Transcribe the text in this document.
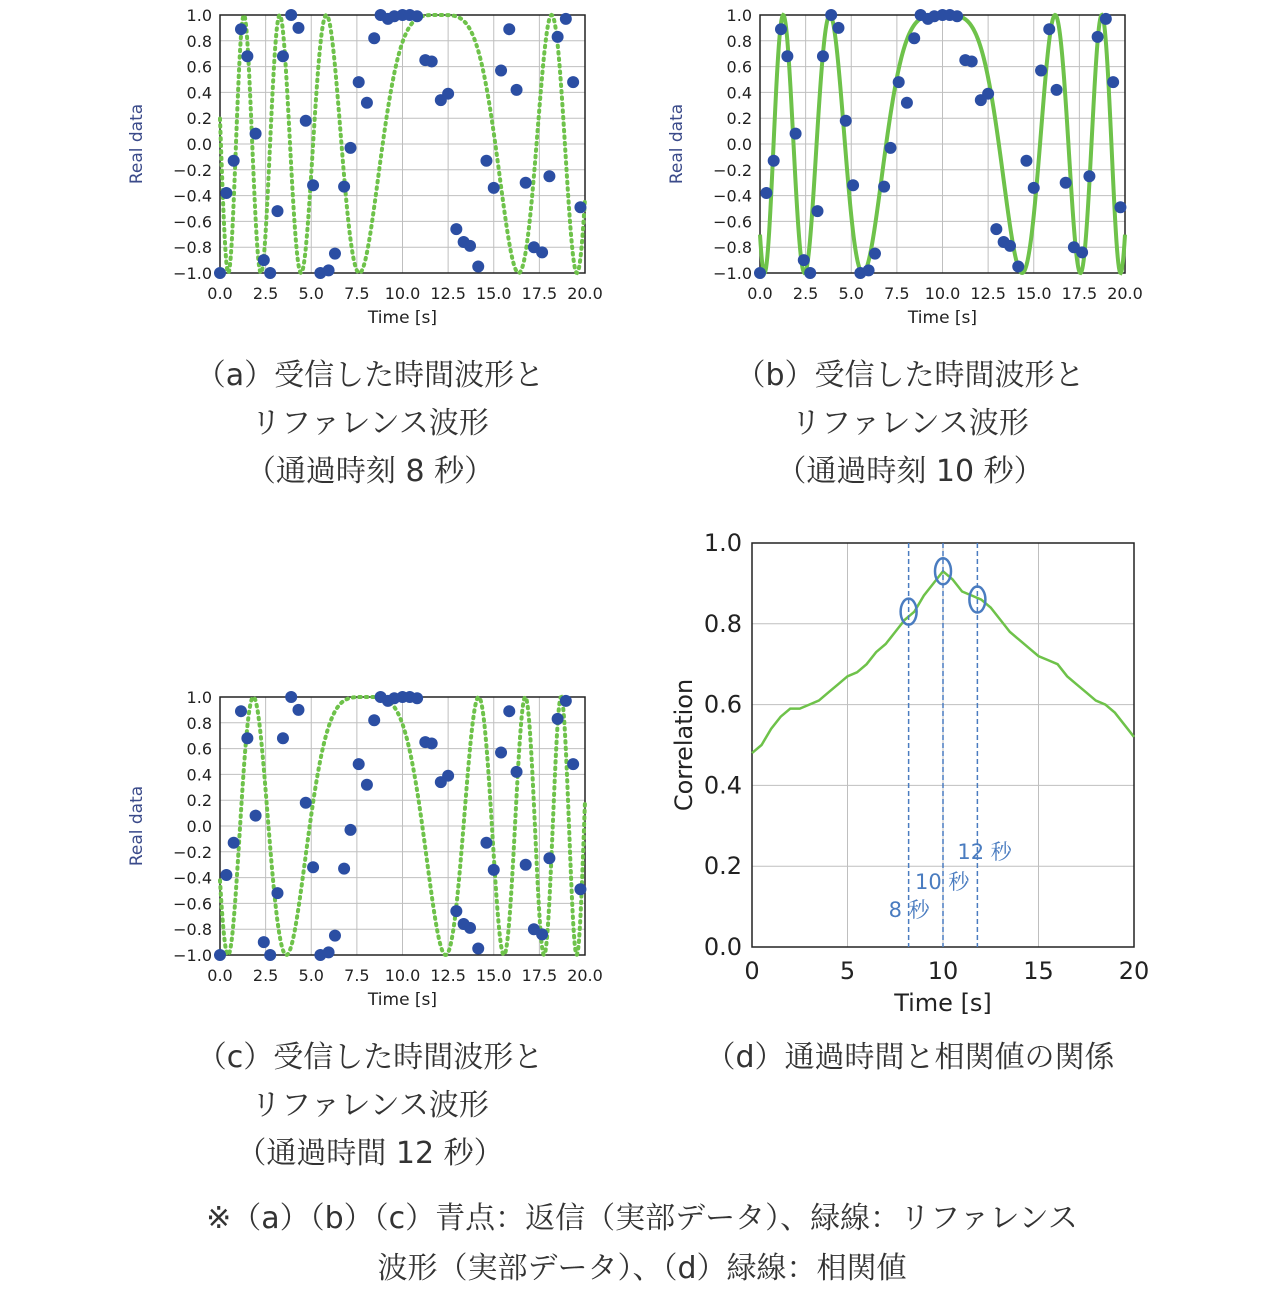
0.0 2.5 5.0 7.5 10.0 12.5 15.0 17.5 20.0
1.0
0.8
0.6
0.4
0.2
0.0
−0.2
−0.4
−0.6
−0.8
−1.0
Time [s]
Real data
0.0 2.5 5.0 7.5 10.0 12.5 15.0 17.5 20.0
1.0
0.8
0.6
0.4
0.2
0.0
−0.2
−0.4
−0.6
−0.8
−1.0
Time [s]
Real data
0.0 2.5 5.0 7.5 10.0 12.5 15.0 17.5 20.0
1.0
0.8
0.6
0.4
0.2
0.0
−0.2
−0.4
−0.6
−0.8
−1.0
Time [s]
Real data
0	5	10	15	20
1.0
0.8
0.6
0.4
0.2
0.0
8 秒
10 秒
12 秒
Time [s]
Correlation
（a）受信した時間波形と
リファレンス波形
（通過時刻 8 秒）
（b）受信した時間波形と
リファレンス波形
（通過時刻 10 秒）
（c）受信した時間波形と
リファレンス波形
（通過時間 12 秒）
（d）通過時間と相関値の関係
※（a）（b）（c）青点：返信（実部データ）、緑線：リファレンス
波形（実部データ）、（d）緑線：相関値
